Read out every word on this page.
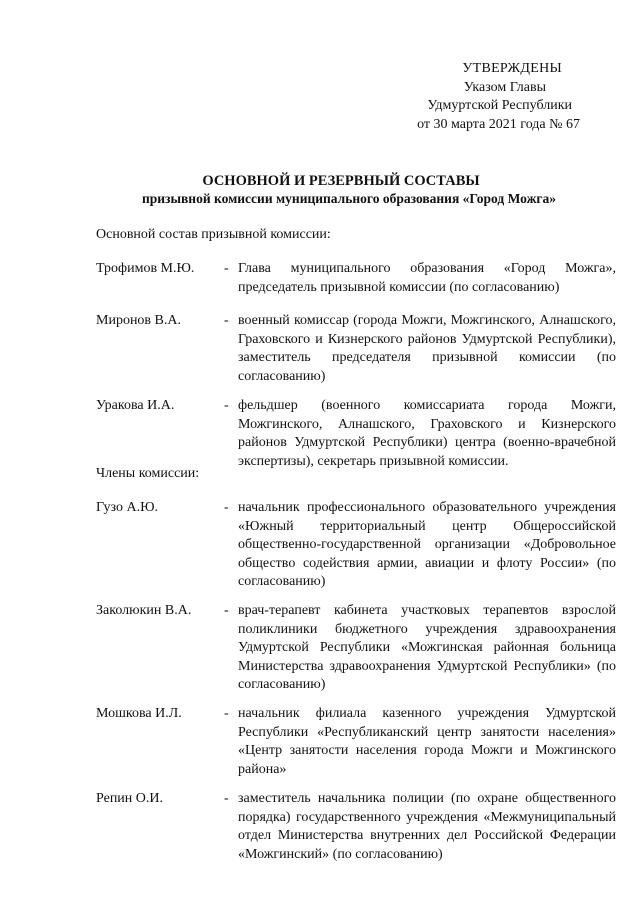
УТВЕРЖДЕНЫ
Указом Главы
Удмуртской Республики
от 30 марта 2021 года № 67
ОСНОВНОЙ И РЕЗЕРВНЫЙ СОСТАВЫ
призывной комиссии муниципального образования «Город Можга»
Основной состав призывной комиссии:
Трофимов М.Ю. - Глава муниципального образования «Город Можга», председатель призывной комиссии (по согласованию)
Миронов В.А.	- военный комиссар (города Можги, Можгинского, Алнашского, Граховского и Кизнерского районов Удмуртской Республики), заместитель председателя призывной комиссии (по согласованию)
Уракова И.А.	- фельдшер (военного комиссариата города Можги, Можгинского, Алнашского, Граховского и Кизнерского районов Удмуртской Республики) центра (военно-врачебной экспертизы), секретарь призывной комиссии.
Члены комиссии:
Гузо А.Ю.	- начальник профессионального образовательного учреждения «Южный территориальный центр Общероссийской общественно-государственной организации «Добровольное общество содействия армии, авиации и флоту России» (по согласованию)
Заколюкин В.А. - врач-терапевт кабинета участковых терапевтов взрослой поликлиники бюджетного учреждения здравоохранения Удмуртской Республики «Можгинская районная больница Министерства здравоохранения Удмуртской Республики» (по согласованию)
Мошкова И.Л.	- начальник филиала казенного учреждения Удмуртской Республики «Республиканский центр занятости населения» «Центр занятости населения города Можги и Можгинского района»
Репин О.И.	- заместитель начальника полиции (по охране общественного порядка) государственного учреждения «Межмуниципальный отдел Министерства внутренних дел Российской Федерации «Можгинский» (по согласованию)
